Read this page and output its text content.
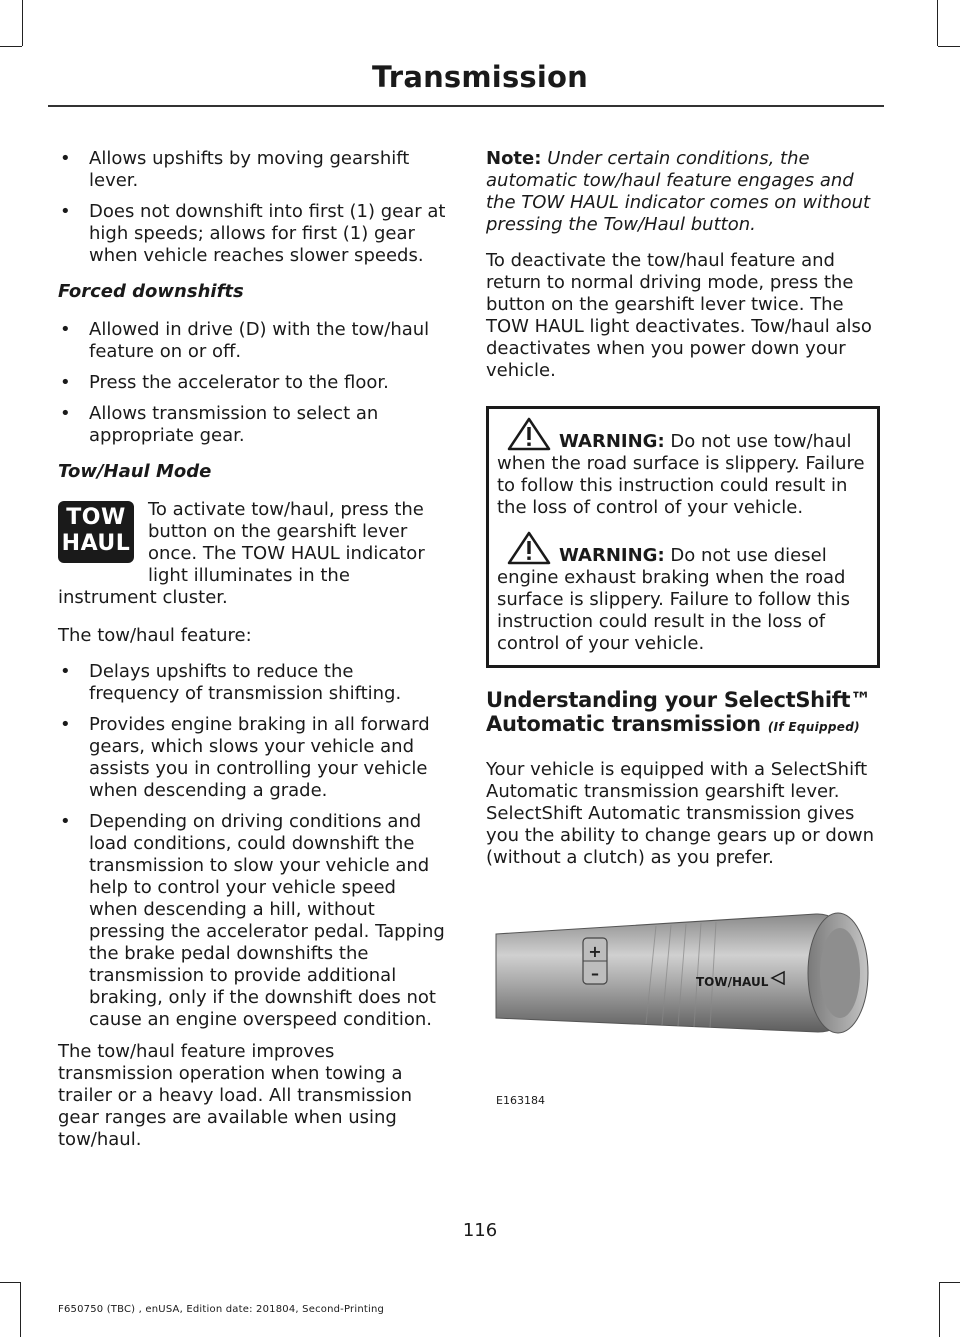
Transmission
• Allows upshifts by moving gearshift lever.
• Does not downshift into first (1) gear at high speeds; allows for first (1) gear when vehicle reaches slower speeds.
Forced downshifts
• Allowed in drive (D) with the tow/haul feature on or off.
• Press the accelerator to the floor.
• Allows transmission to select an appropriate gear.
Tow/Haul Mode
TOW
HAUL
To activate tow/haul, press the button on the gearshift lever once. The TOW HAUL indicator light illuminates in the instrument cluster.

The tow/haul feature:

• Delays upshifts to reduce the frequency of transmission shifting.
• Provides engine braking in all forward gears, which slows your vehicle and assists you in controlling your vehicle when descending a grade.
• Depending on driving conditions and load conditions, could downshift the transmission to slow your vehicle and help to control your vehicle speed when descending a hill, without pressing the accelerator pedal. Tapping the brake pedal downshifts the transmission to provide additional braking, only if the downshift does not cause an engine overspeed condition.

The tow/haul feature improves transmission operation when towing a trailer or a heavy load. All transmission gear ranges are available when using tow/haul.

Note: Under certain conditions, the automatic tow/haul feature engages and the TOW HAUL indicator comes on without pressing the Tow/Haul button.

To deactivate the tow/haul feature and return to normal driving mode, press the button on the gearshift lever twice. The TOW HAUL light deactivates. Tow/haul also deactivates when you power down your vehicle.

WARNING: Do not use tow/haul when the road surface is slippery. Failure to follow this instruction could result in the loss of control of your vehicle.
WARNING: Do not use diesel engine exhaust braking when the road surface is slippery. Failure to follow this instruction could result in the loss of control of your vehicle.
Understanding your SelectShift™
Automatic transmission (If Equipped)

Your vehicle is equipped with a SelectShift Automatic transmission gearshift lever. SelectShift Automatic transmission gives you the ability to change gears up or down (without a clutch) as you prefer.

+
–	TOW/HAUL
E163184
116
F650750 (TBC) , enUSA, Edition date: 201804, Second-Printing
